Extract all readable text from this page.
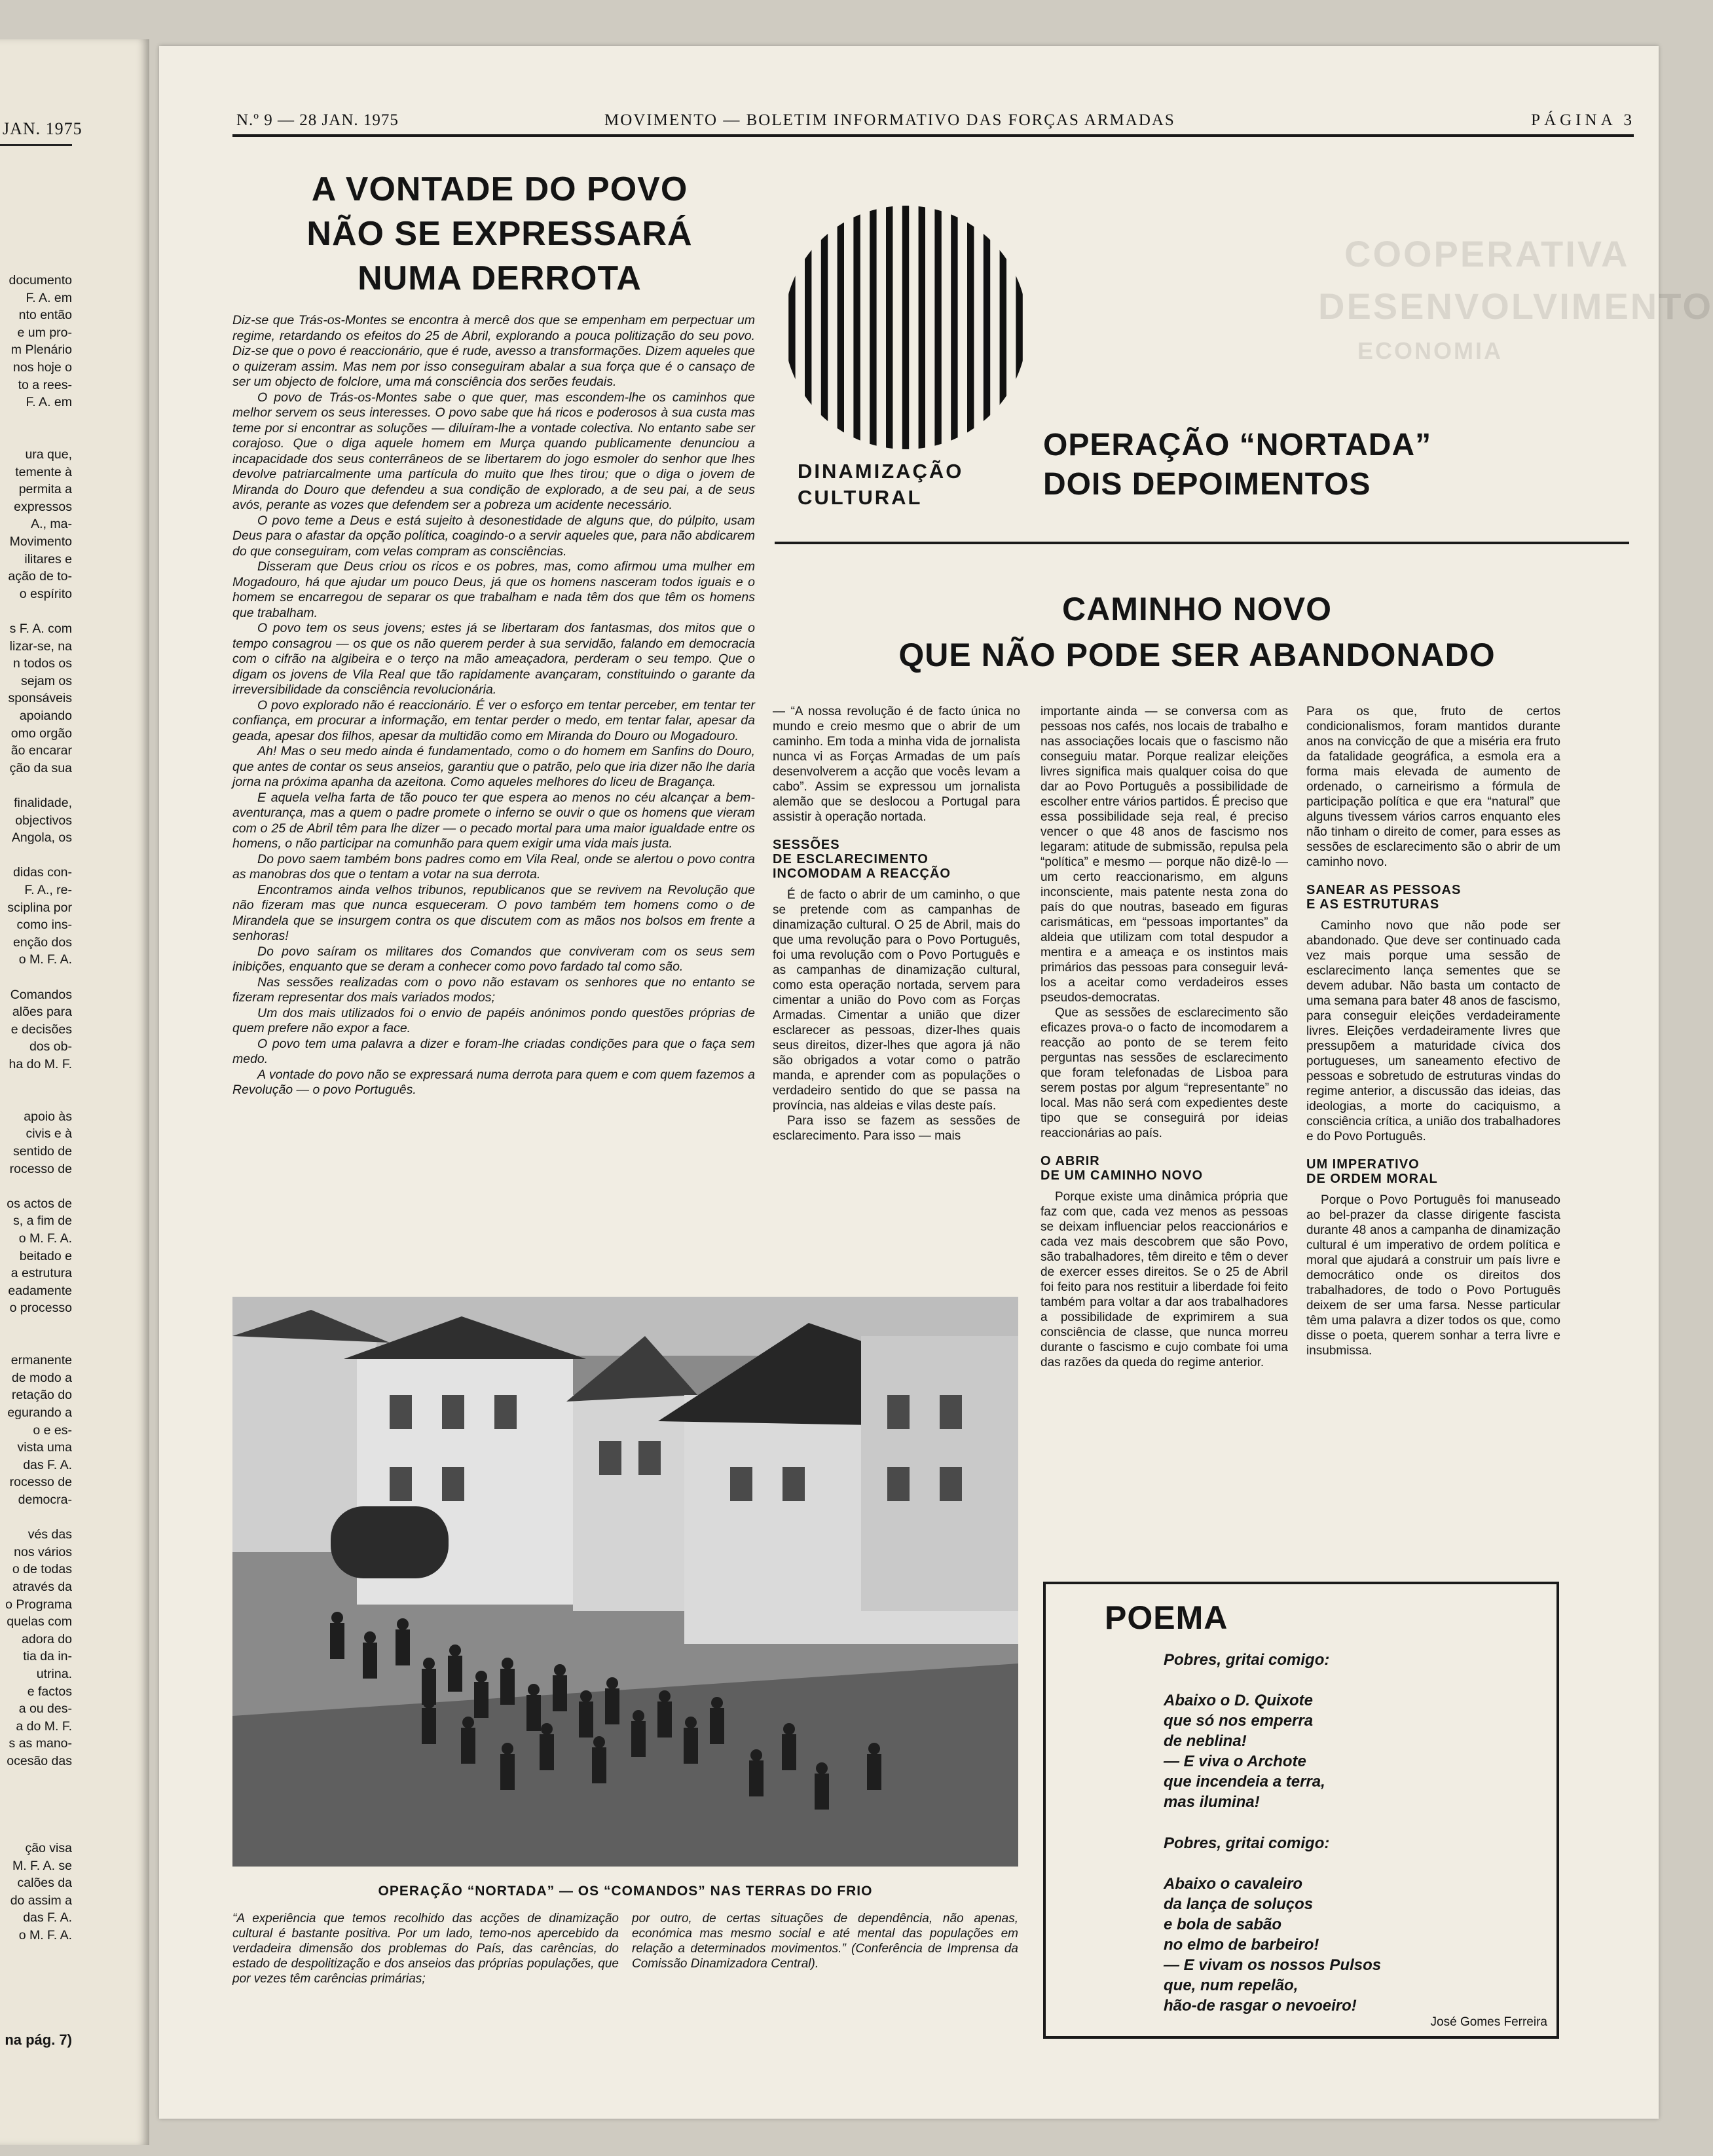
JAN. 1975
documento
F. A. em
nto então
e um pro-
m Plenário
nos hoje o
to a rees-
F. A. em
ura que,
tementе à
permita a
expressos
A., ma-
Movimento
ilitares e
ação de to-
o espírito
s F. A. com
lizar-se, na
n todos os
sejam os
sponsáveis
apoiando
omo orgão
ão encarar
ção da sua
finalidade,
objectivos
Angola, os
didas con-
F. A., re-
sciplina por
como ins-
enção dos
o M. F. A.
Comandos
alões para
e decisões
dos ob-
ha do M. F.
apoio às
civis e à
sentido de
rocesso de
os actos de
s, a fim de
o M. F. A.
beitado e
a estrutura
eadamente
o processo
ermanente
de modo a
retação do
egurando a
o e es-
vista uma
das F. A.
rocesso de
democra-
vés das
nos vários
o de todas
através da
o Programa
quelas com
adora do
tia da in-
utrina.
e factos
a ou des-
a do M. F.
s as mano-
ocesão das
ção visa
M. F. A. se
calões da
do assim a
das F. A.
o M. F. A.
na pág. 7)
COOPERATIVA
DESENVOLVIMENTO
ECONOMIA
N.º 9 — 28 JAN. 1975	MOVIMENTO — BOLETIM INFORMATIVO DAS FORÇAS ARMADAS	PÁGINA 3
A VONTADE DO POVO
NÃO SE EXPRESSARÁ
NUMA DERROTA

Diz-se que Trás-os-Montes se encontra à mercê dos que se empenham em perpectuar um regime, retardando os efeitos do 25 de Abril, explorando a pouca politização do seu povo. Diz-se que o povo é reaccionário, que é rude, avesso a transformações. Dizem aqueles que o quizeram assim. Mas nem por isso conseguiram abalar a sua força que é o cansaço de ser um objecto de folclore, uma má consciência dos serões feudais.

O povo de Trás-os-Montes sabe o que quer, mas escondem-lhe os caminhos que melhor servem os seus interesses. O povo sabe que há ricos e poderosos à sua custa mas teme por si encontrar as soluções — diluíram-lhe a vontade colectiva. No entanto sabe ser corajoso. Que o diga aquele homem em Murça quando publicamente denunciou a incapacidade dos seus conterrâneos de se libertarem do jogo esmoler do senhor que lhes devolve patriarcalmente uma partícula do muito que lhes tirou; que o diga o jovem de Miranda do Douro que defendeu a sua condição de explorado, a de seu pai, a de seus avós, perante as vozes que defendem ser a pobreza um acidente necessário.

O povo teme a Deus e está sujeito à desonestidade de alguns que, do púlpito, usam Deus para o afastar da opção política, coagindo-o a servir aqueles que, para não abdicarem do que conseguiram, com velas compram as consciências.

Disseram que Deus criou os ricos e os pobres, mas, como afirmou uma mulher em Mogadouro, há que ajudar um pouco Deus, já que os homens nasceram todos iguais e o homem se encarregou de separar os que trabalham e nada têm dos que têm os homens que trabalham.

O povo tem os seus jovens; estes já se libertaram dos fantasmas, dos mitos que o tempo consagrou — os que os não querem perder à sua servidão, falando em democracia com o cifrão na algibeira e o terço na mão ameaçadora, perderam o seu tempo. Que o digam os jovens de Vila Real que tão rapidamente avançaram, constituindo o garante da irreversibilidade da consciência revolucionária.

O povo explorado não é reaccionário. É ver o esforço em tentar perceber, em tentar ter confiança, em procurar a informação, em tentar perder o medo, em tentar falar, apesar da geada, apesar dos filhos, apesar da multidão como em Miranda do Douro ou Mogadouro.

Ah! Mas o seu medo ainda é fundamentado, como o do homem em Sanfins do Douro, que antes de contar os seus anseios, garantiu que o patrão, pelo que iria dizer não lhe daria jorna na próxima apanha da azeitona. Como aqueles melhores do liceu de Bragança.

E aquela velha farta de tão pouco ter que espera ao menos no céu alcançar a bem-aventurança, mas a quem o padre promete o inferno se ouvir o que os homens que vieram com o 25 de Abril têm para lhe dizer — o pecado mortal para uma maior igualdade entre os homens, o não participar na comunhão para quem exigir uma vida mais justa.

Do povo saem também bons padres como em Vila Real, onde se alertou o povo contra as manobras dos que o tentam a votar na sua derrota.

Encontramos ainda velhos tribunos, republicanos que se revivem na Revolução que não fizeram mas que nunca esqueceram. O povo também tem homens como o de Mirandela que se insurgem contra os que discutem com as mãos nos bolsos em frente a senhoras!

Do povo saíram os militares dos Comandos que conviveram com os seus sem inibições, enquanto que se deram a conhecer como povo fardado tal como são.

Nas sessões realizadas com o povo não estavam os senhores que no entanto se fizeram representar dos mais variados modos;

Um dos mais utilizados foi o envio de papéis anónimos pondo questões próprias de quem prefere não expor a face.

O povo tem uma palavra a dizer e foram-lhe criadas condições para que o faça sem medo.

A vontade do povo não se expressará numa derrota para quem e com quem fazemos a Revolução — o povo Português.

DINAMIZAÇÃO
CULTURAL
OPERAÇÃO “NORTADA”
DOIS DEPOIMENTOS
CAMINHO NOVO
QUE NÃO PODE SER ABANDONADO

— “A nossa revolução é de facto única no mundo e creio mesmo que o abrir de um caminho. Em toda a minha vida de jornalista nunca vi as Forças Armadas de um país desenvolverem a acção que vocês levam a cabo”. Assim se expressou um jornalista alemão que se deslocou a Portugal para assistir à operação nortada.

SESSÕES
DE ESCLARECIMENTO
INCOMODAM A REACÇÃO

É de facto o abrir de um caminho, o que se pretende com as campanhas de dinamização cultural. O 25 de Abril, mais do que uma revolução para o Povo Português, foi uma revolução com o Povo Português e as campanhas de dinamização cultural, como esta operação nortada, servem para cimentar a união do Povo com as Forças Armadas. Cimentar a união que dizer esclarecer as pessoas, dizer-lhes quais seus direitos, dizer-lhes que agora já não são obrigados a votar como o patrão manda, e aprender com as populações o verdadeiro sentido do que se passa na província, nas aldeias e vilas deste país.

Para isso se fazem as sessões de esclarecimento. Para isso — mais

importante ainda — se conversa com as pessoas nos cafés, nos locais de trabalho e nas associações locais que o fascismo não conseguiu matar. Porque realizar eleições livres significa mais qualquer coisa do que dar ao Povo Português a possibilidade de escolher entre vários partidos. É preciso que essa possibilidade seja real, é preciso vencer o que 48 anos de fascismo nos legaram: atitude de submissão, repulsa pela “política” e mesmo — porque não dizê-lo — um certo reaccionarismo, em alguns inconsciente, mais patente nesta zona do país do que noutras, baseado em figuras carismáticas, em “pessoas importantes” da aldeia que utilizam com total despudor a mentira e a ameaça e os instintos mais primários das pessoas para conseguir levá-los a aceitar como verdadeiros esses pseudos-democratas.

Que as sessões de esclarecimento são eficazes prova-o o facto de incomodarem a reacção ao ponto de se terem feito perguntas nas sessões de esclarecimento que foram telefonadas de Lisboa para serem postas por algum “representante” no local. Mas não será com expedientes deste tipo que se conseguirá por ideias reaccionárias ao país.

O ABRIR
DE UM CAMINHO NOVO

Porque existe uma dinâmica própria que faz com que, cada vez menos as pessoas se deixam influenciar pelos reaccionários e cada vez mais descobrem que são Povo, são trabalhadores, têm direito e têm o dever de exercer esses direitos. Se o 25 de Abril foi feito para nos restituir a liberdade foi feito também para voltar a dar aos trabalhadores a possibilidade de exprimirem a sua consciência de classe, que nunca morreu durante o fascismo e cujo combate foi uma das razões da queda do regime anterior.

Para os que, fruto de certos condicionalismos, foram mantidos durante anos na convicção de que a miséria era fruto da fatalidade geográfica, a esmola era a forma mais elevada de aumento de ordenado, o carneirismo a fórmula de participação política e que era “natural” que alguns tivessem vários carros enquanto eles não tinham o direito de comer, para esses as sessões de esclarecimento são o abrir de um caminho novo.

SANEAR AS PESSOAS
E AS ESTRUTURAS

Caminho novo que não pode ser abandonado. Que deve ser continuado cada vez mais porque uma sessão de esclarecimento lança sementes que se devem adubar. Não basta um contacto de uma semana para bater 48 anos de fascismo, para conseguir eleições verdadeiramente livres. Eleições verdadeiramente livres que pressupõem a maturidade cívica dos portugueses, um saneamento efectivo de pessoas e sobretudo de estruturas vindas do regime anterior, a discussão das ideias, das ideologias, a morte do caciquismo, a consciência crítica, a união dos trabalhadores e do Povo Português.

UM IMPERATIVO
DE ORDEM MORAL

Porque o Povo Português foi manuseado ao bel-prazer da classe dirigente fascista durante 48 anos a campanha de dinamização cultural é um imperativo de ordem política e moral que ajudará a construir um país livre e democrático onde os direitos dos trabalhadores, de todo o Povo Português deixem de ser uma farsa. Nesse particular têm uma palavra a dizer todos os que, como disse o poeta, querem sonhar a terra livre e insubmissa.

OPERAÇÃO “NORTADA” — OS “COMANDOS” NAS TERRAS DO FRIO
“A experiência que temos recolhido das acções de dinamização cultural é bastante positiva. Por um lado, temo-nos apercebido da verdadeira dimensão dos problemas do País, das carências, do estado de despolitização e dos anseios das próprias populações, que por vezes têm carências primárias;
por outro, de certas situações de dependência, não apenas, económica mas mesmo social e até mental das populações em relação a determinados movimentos.” (Conferência de Imprensa da Comissão Dinamizadora Central).
POEMA
Pobres, gritai comigo:
Abaixo o D. Quixote
que só nos emperra
de neblina!
— E viva o Archote
que incendeia a terra,
mas ilumina!
Pobres, gritai comigo:
Abaixo o cavaleiro
da lança de soluços
e bola de sabão
no elmo de barbeiro!
— E vivam os nossos Pulsos
que, num repelão,
hão-de rasgar o nevoeiro!
José Gomes Ferreira
